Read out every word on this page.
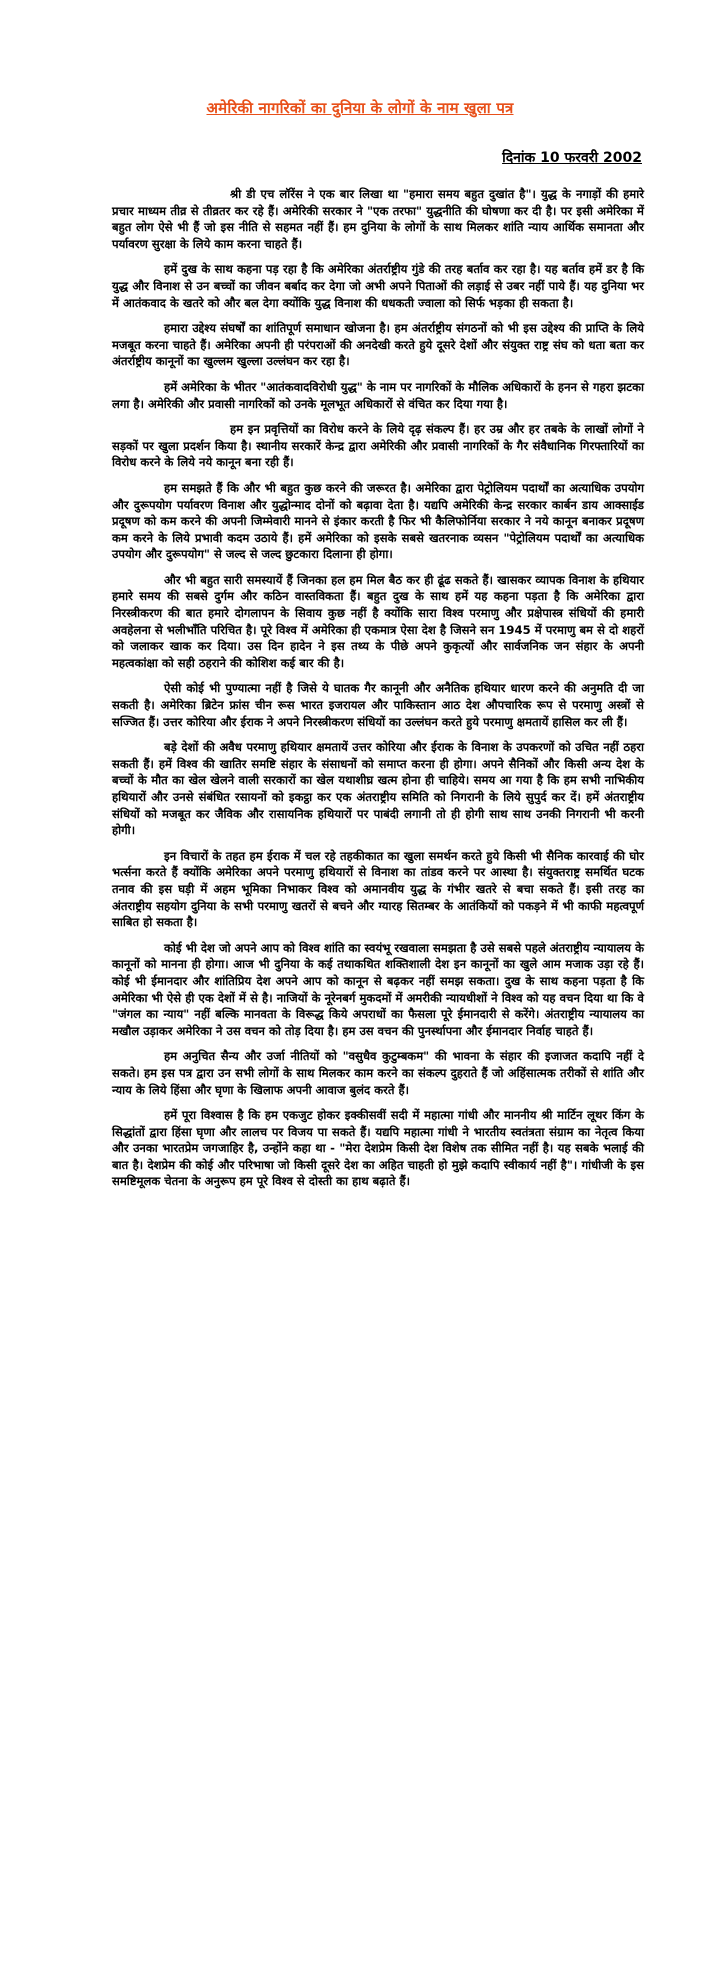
अमेरिकी नागरिकों का दुनिया के लोगों के नाम खुला पत्र
दिनांक 10 फरवरी 2002

श्री डी एच लॉरेंस ने एक बार लिखा था "हमारा समय बहुत दुखांत है"। युद्ध के नगाड़ों की हमारे प्रचार माध्यम तीव्र से तीव्रतर कर रहे हैं। अमेरिकी सरकार ने "एक तरफा" युद्धनीति की घोषणा कर दी है। पर इसी अमेरिका में बहुत लोग ऐसे भी हैं जो इस नीति से सहमत नहीं हैं। हम दुनिया के लोगों के साथ मिलकर शांति न्याय आर्थिक समानता और पर्यावरण सुरक्षा के लिये काम करना चाहते हैं।

हमें दुख के साथ कहना पड़ रहा है कि अमेरिका अंतर्राष्ट्रीय गुंडे की तरह बर्ताव कर रहा है। यह बर्ताव हमें डर है कि युद्ध और विनाश से उन बच्चों का जीवन बर्बाद कर देगा जो अभी अपने पिताओं की लड़ाई से उबर नहीं पाये हैं। यह दुनिया भर में आतंकवाद के खतरे को और बल देगा क्योंकि युद्ध विनाश की धधकती ज्वाला को सिर्फ भड़का ही सकता है।

हमारा उद्देश्य संघर्षों का शांतिपूर्ण समाधान खोजना है। हम अंतर्राष्ट्रीय संगठनों को भी इस उद्देश्य की प्राप्ति के लिये मजबूत करना चाहते हैं। अमेरिका अपनी ही परंपराओं की अनदेखी करते हुये दूसरे देशों और संयुक्त राष्ट्र संघ को धता बता कर अंतर्राष्ट्रीय कानूनों का खुल्लम खुल्ला उल्लंघन कर रहा है।

हमें अमेरिका के भीतर "आतंकवादविरोधी युद्ध" के नाम पर नागरिकों के मौलिक अधिकारों के हनन से गहरा झटका लगा है। अमेरिकी और प्रवासी नागरिकों को उनके मूलभूत अधिकारों से वंचित कर दिया गया है।

हम इन प्रवृत्तियों का विरोध करने के लिये दृढ़ संकल्प हैं। हर उम्र और हर तबके के लाखों लोगों ने सड़कों पर खुला प्रदर्शन किया है। स्थानीय सरकारें केन्द्र द्वारा अमेरिकी और प्रवासी नागरिकों के गैर संवैधानिक गिरफ्तारियों का विरोध करने के लिये नये कानून बना रही हैं।

हम समझते हैं कि और भी बहुत कुछ करने की जरूरत है। अमेरिका द्वारा पेट्रोलियम पदार्थों का अत्याधिक उपयोग और दुरूपयोग पर्यावरण विनाश और युद्धोन्माद दोनों को बढ़ावा देता है। यद्यपि अमेरिकी केन्द्र सरकार कार्बन डाय आक्साईड प्रदूषण को कम करने की अपनी जिम्मेवारी मानने से इंकार करती है फिर भी कैलिफोर्निया सरकार ने नये कानून बनाकर प्रदूषण कम करने के लिये प्रभावी कदम उठाये हैं। हमें अमेरिका को इसके सबसे खतरनाक व्यसन "पेट्रोलियम पदार्थों का अत्याधिक उपयोग और दुरूपयोग" से जल्द से जल्द छुटकारा दिलाना ही होगा।

और भी बहुत सारी समस्यायें हैं जिनका हल हम मिल बैठ कर ही ढूंढ सकते हैं। खासकर व्यापक विनाश के हथियार हमारे समय की सबसे दुर्गम और कठिन वास्तविकता हैं। बहुत दुख के साथ हमें यह कहना पड़ता है कि अमेरिका द्वारा निरस्त्रीकरण की बात हमारे दोगलापन के सिवाय कुछ नहीं है क्योंकि सारा विश्व परमाणु और प्रक्षेपास्त्र संधियों की हमारी अवहेलना से भलीभाँति परिचित है। पूरे विश्व में अमेरिका ही एकमात्र ऐसा देश है जिसने सन 1945 में परमाणु बम से दो शहरों को जलाकर खाक कर दिया। उस दिन हादेन ने इस तथ्य के पीछे अपने कुकृत्यों और सार्वजनिक जन संहार के अपनी महत्वकांक्षा को सही ठहराने की कोशिश कई बार की है।

ऐसी कोई भी पुण्यात्मा नहीं है जिसे ये घातक गैर कानूनी और अनैतिक हथियार धारण करने की अनुमति दी जा सकती है। अमेरिका ब्रिटेन फ्रांस चीन रूस भारत इजरायल और पाकिस्तान आठ देश औपचारिक रूप से परमाणु अस्त्रों से सज्जित हैं। उत्तर कोरिया और ईराक ने अपने निरस्त्रीकरण संधियों का उल्लंघन करते हुये परमाणु क्षमतायें हासिल कर ली हैं।

बड़े देशों की अवैध परमाणु हथियार क्षमतायें उत्तर कोरिया और ईराक के विनाश के उपकरणों को उचित नहीं ठहरा सकती हैं। हमें विश्व की खातिर समष्टि संहार के संसाधनों को समाप्त करना ही होगा। अपने सैनिकों और किसी अन्य देश के बच्चों के मौत का खेल खेलने वाली सरकारों का खेल यथाशीघ्र खत्म होना ही चाहिये। समय आ गया है कि हम सभी नाभिकीय हथियारों और उनसे संबंधित रसायनों को इकट्ठा कर एक अंतराष्ट्रीय समिति को निगरानी के लिये सुपुर्द कर दें। हमें अंतराष्ट्रीय संधियों को मजबूत कर जैविक और रासायनिक हथियारों पर पाबंदी लगानी तो ही होगी साथ साथ उनकी निगरानी भी करनी होगी।

इन विचारों के तहत हम ईराक में चल रहे तहकीकात का खुला समर्थन करते हुये किसी भी सैनिक कारवाई की घोर भर्त्सना करते हैं क्योंकि अमेरिका अपने परमाणु हथियारों से विनाश का तांडव करने पर आस्था है। संयुक्तराष्ट्र समर्थित घटक तनाव की इस घड़ी में अहम भूमिका निभाकर विश्व को अमानवीय युद्ध के गंभीर खतरे से बचा सकते हैं। इसी तरह का अंतराष्ट्रीय सहयोग दुनिया के सभी परमाणु खतरों से बचने और ग्यारह सितम्बर के आतंकियों को पकड़ने में भी काफी महत्वपूर्ण साबित हो सकता है।

कोई भी देश जो अपने आप को विश्व शांति का स्वयंभू रखवाला समझता है उसे सबसे पहले अंतराष्ट्रीय न्यायालय के कानूनों को मानना ही होगा। आज भी दुनिया के कई तथाकथित शक्तिशाली देश इन कानूनों का खुले आम मजाक उड़ा रहे हैं। कोई भी ईमानदार और शांतिप्रिय देश अपने आप को कानून से बढ़कर नहीं समझ सकता। दुख के साथ कहना पड़ता है कि अमेरिका भी ऐसे ही एक देशों में से है। नाजियों के नूरेनबर्ग मुकदमों में अमरीकी न्यायधीशों ने विश्व को यह वचन दिया था कि वे "जंगल का न्याय" नहीं बल्कि मानवता के विरूद्ध किये अपराधों का फैसला पूरे ईमानदारी से करेंगे। अंतराष्ट्रीय न्यायालय का मखौल उड़ाकर अमेरिका ने उस वचन को तोड़ दिया है। हम उस वचन की पुनर्स्थापना और ईमानदार निर्वाह चाहते हैं।

हम अनुचित सैन्य और उर्जा नीतियों को "वसुधैव कुटुम्बकम" की भावना के संहार की इजाजत कदापि नहीं दे सकते। हम इस पत्र द्वारा उन सभी लोगों के साथ मिलकर काम करने का संकल्प दुहराते हैं जो अहिंसात्मक तरीकों से शांति और न्याय के लिये हिंसा और घृणा के खिलाफ अपनी आवाज बुलंद करते हैं।

हमें पूरा विश्वास है कि हम एकजुट होकर इक्कीसवीं सदी में महात्मा गांधी और माननीय श्री मार्टिन लूथर किंग के सिद्धांतों द्वारा हिंसा घृणा और लालच पर विजय पा सकते हैं। यद्यपि महात्मा गांधी ने भारतीय स्वतंत्रता संग्राम का नेतृत्व किया और उनका भारतप्रेम जगजाहिर है, उन्होंने कहा था - "मेरा देशप्रेम किसी देश विशेष तक सीमित नहीं है। यह सबके भलाई की बात है। देशप्रेम की कोई और परिभाषा जो किसी दूसरे देश का अहित चाहती हो मुझे कदापि स्वीकार्य नहीं है"। गांधीजी के इस समष्टिमूलक चेतना के अनुरूप हम पूरे विश्व से दोस्ती का हाथ बढ़ाते हैं।
